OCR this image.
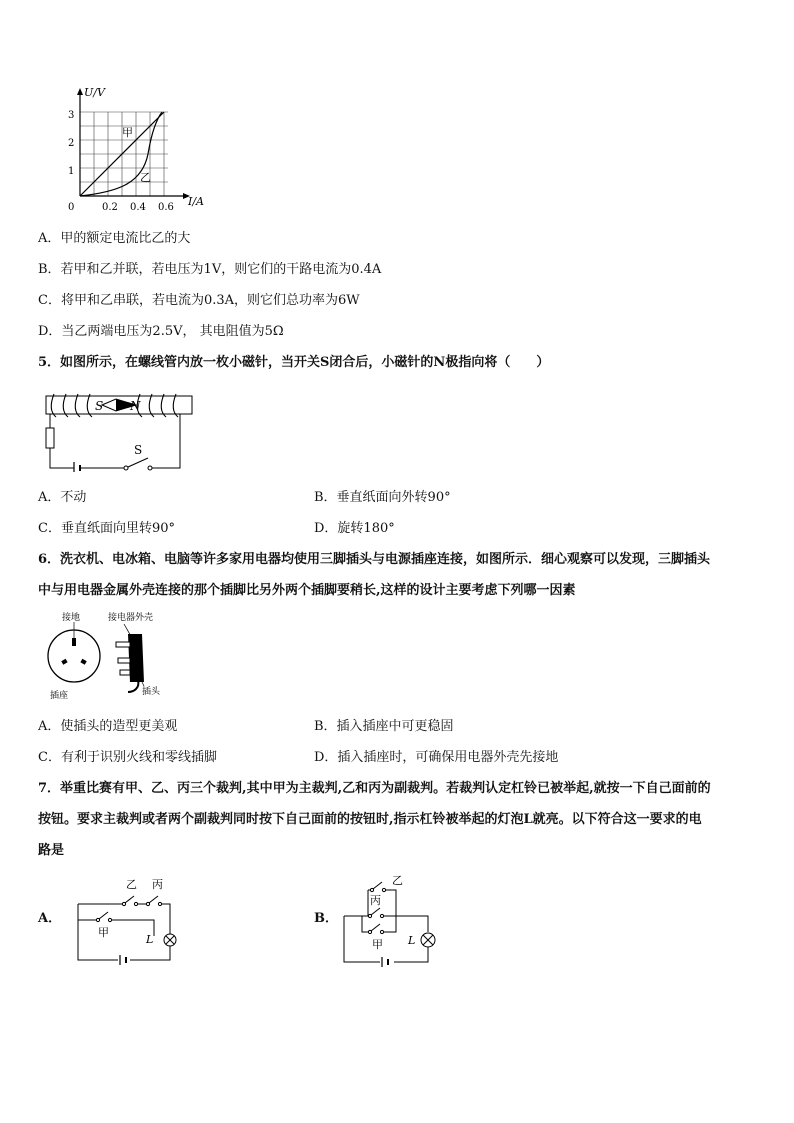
U/V
I/A
0
1
2
3
0.2 0.4 0.6
甲
乙
A．甲的额定电流比乙的大
B．若甲和乙并联，若电压为1V，则它们的干路电流为0.4A
C．将甲和乙串联，若电流为0.3A，则它们总功率为6W
D．当乙两端电压为2.5V， 其电阻值为5Ω
5．如图所示，在螺线管内放一枚小磁针，当开关S闭合后，小磁针的N极指向将（　　）
S N
S
A．不动	B．垂直纸面向外转90°
C．垂直纸面向里转90°	D．旋转180°
6．洗衣机、电冰箱、电脑等许多家用电器均使用三脚插头与电源插座连接，如图所示．细心观察可以发现，三脚插头
中与用电器金属外壳连接的那个插脚比另外两个插脚要稍长,这样的设计主要考虑下列哪一因素
接地
插座
接电器外壳
插头
A．使插头的造型更美观	B．插入插座中可更稳固
C．有利于识别火线和零线插脚	D．插入插座时，可确保用电器外壳先接地
7．举重比赛有甲、乙、丙三个裁判,其中甲为主裁判,乙和丙为副裁判。若裁判认定杠铃已被举起,就按一下自己面前的
按钮。要求主裁判或者两个副裁判同时按下自己面前的按钮时,指示杠铃被举起的灯泡L就亮。以下符合这一要求的电
路是
A．
乙 丙
甲
L
B．
乙
丙
甲 L
